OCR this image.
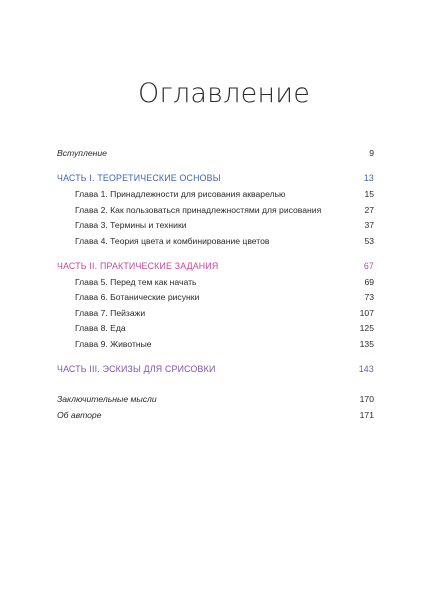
Оглавление
Вступление	9
ЧАСТЬ I. ТЕОРЕТИЧЕСКИЕ ОСНОВЫ	13
Глава 1. Принадлежности для рисования акварелью	15
Глава 2. Как пользоваться принадлежностями для рисования	27
Глава 3. Термины и техники	37
Глава 4. Теория цвета и комбинирование цветов	53
ЧАСТЬ II. ПРАКТИЧЕСКИЕ ЗАДАНИЯ	67
Глава 5. Перед тем как начать	69
Глава 6. Ботанические рисунки	73
Глава 7. Пейзажи	107
Глава 8. Еда	125
Глава 9. Животные	135
ЧАСТЬ III. ЭСКИЗЫ ДЛЯ СРИСОВКИ	143
Заключительные мысли	170
Об авторе	171
